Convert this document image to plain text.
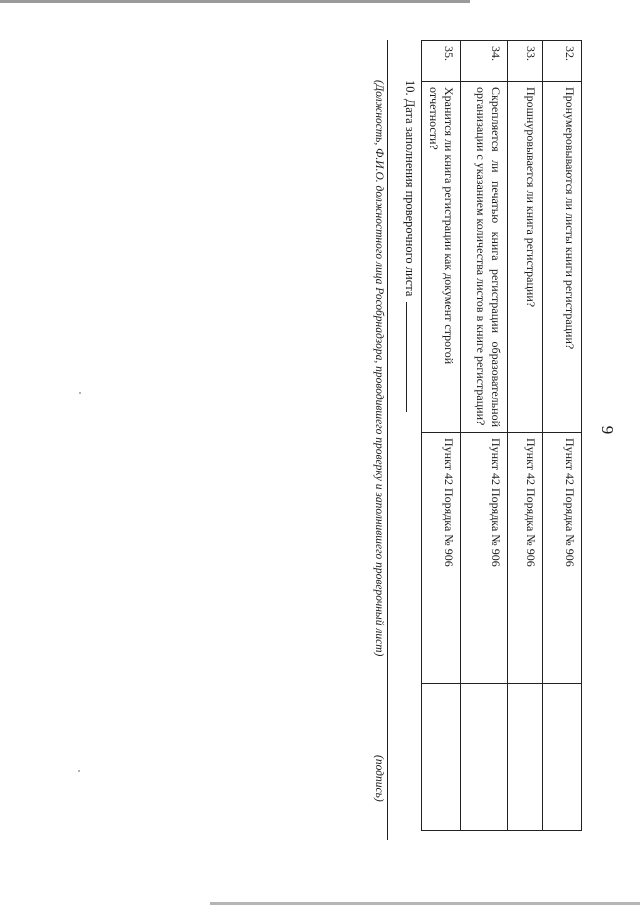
9
32.	Пронумеровываются ли листы книги регистрации?	Пункт 42 Порядка № 906	
33.	Прошнуровывается ли книга регистрации?	Пункт 42 Порядка № 906	
34.	Скрепляется ли печатью книга регистрации образовательной организации с указанием количества листов в книге регистрации?	Пункт 42 Порядка № 906	
35.	Хранится ли книга регистрации как документ строгой отчетности?	Пункт 42 Порядка № 906	
10. Дата заполнения проверочного листа
(Должность, Ф.И.О. должностного лица Рособрнадзора, проводившего проверку и заполнившего проверочный лист)
(подпись)
